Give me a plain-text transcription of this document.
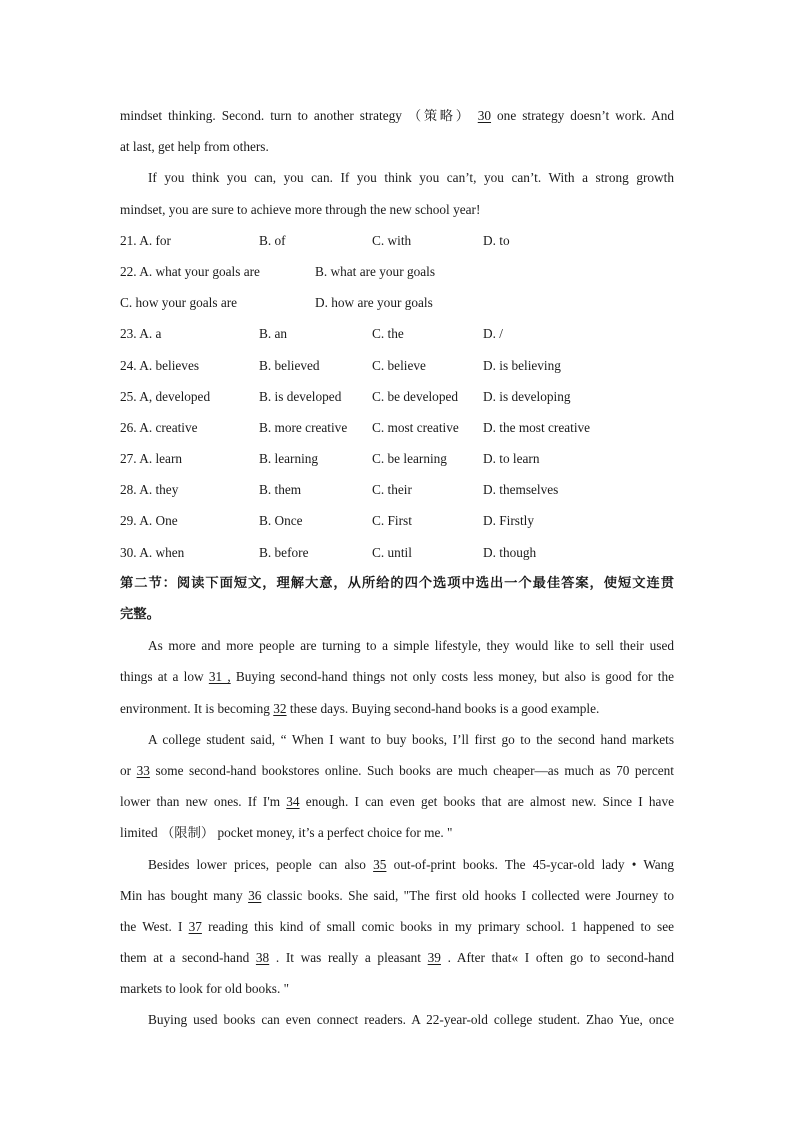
mindset thinking. Second. turn to another strategy （策略） 30 one strategy doesn’t work. And
at last, get help from others.
If you think you can, you can. If you think you can’t, you can’t. With a strong growth
mindset, you are sure to achieve more through the new school year!
21. A. for	B. of	C. with	D. to
22. A. what your goals are	B. what are your goals
C. how your goals are	D. how are your goals
23. A. a	B. an	C. the	D. /
24. A. believes	B. believed	C. believe	D. is believing
25. A, developed	B. is developed	C. be developed	D. is developing
26. A. creative	B. more creative	C. most creative	D. the most creative
27. A. learn	B. learning	C. be learning	D. to learn
28. A. they	B. them	C. their	D. themselves
29. A. One	B. Once	C. First	D. Firstly
30. A. when	B. before	C. until	D. though
第二节：阅读下面短文，理解大意，从所给的四个选项中选出一个最佳答案，使短文连贯
完整。
As more and more people are turning to a simple lifestyle, they would like to sell their used
things at a low 31 , Buying second-hand things not only costs less money, but also is good for the
environment. It is becoming 32 these days. Buying second-hand books is a good example.
A college student said, “ When I want to buy books, I’ll first go to the second hand markets
or 33 some second-hand bookstores online. Such books are much cheaper—as much as 70 percent
lower than new ones. If I'm 34 enough. I can even get books that are almost new. Since I have
limited （限制） pocket money, it’s a perfect choice for me. "
Besides lower prices, people can also 35 out-of-print books. The 45-ycar-old lady • Wang
Min has bought many 36 classic books. She said, "The first old hooks I collected were Journey to
the West. I 37 reading this kind of small comic books in my primary school. 1 happened to see
them at a second-hand 38 . It was really a pleasant 39 . After that« I often go to second-hand
markets to look for old books. "
Buying used books can even connect readers. A 22-year-old college student. Zhao Yue, once
